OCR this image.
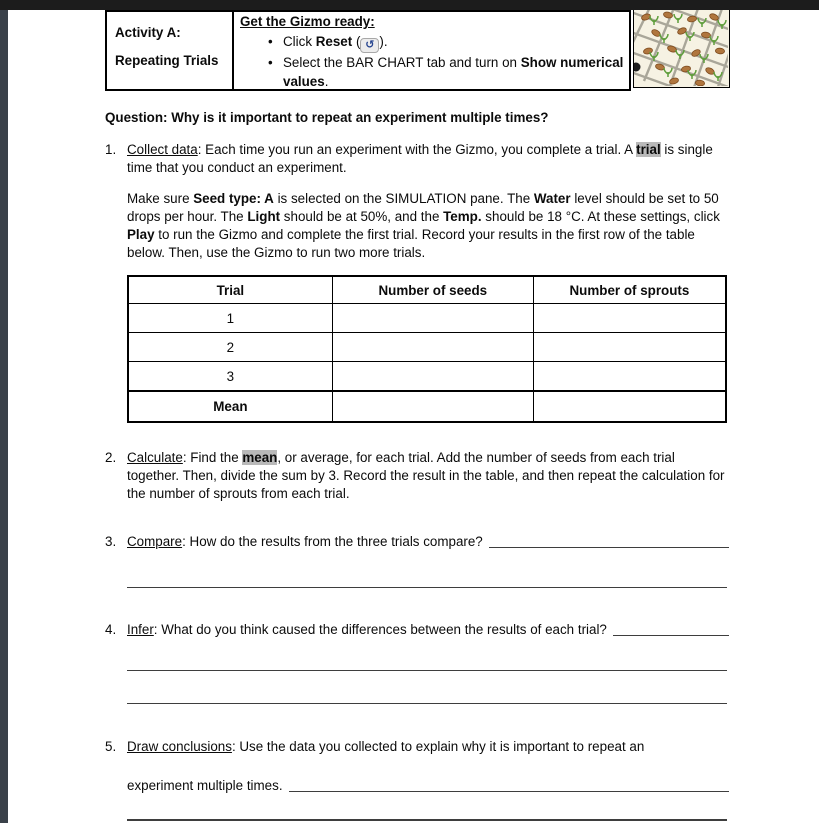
Activity A:
Repeating Trials
Get the Gizmo ready:
• Click Reset ( ↺ ).
• Select the BAR CHART tab and turn on Show numerical values.
Question: Why is it important to repeat an experiment multiple times?
1. Collect data: Each time you run an experiment with the Gizmo, you complete a trial. A trial is single time that you conduct an experiment.
Make sure Seed type: A is selected on the SIMULATION pane. The Water level should be set to 50 drops per hour. The Light should be at 50%, and the Temp. should be 18 °C. At these settings, click Play to run the Gizmo and complete the first trial. Record your results in the first row of the table below. Then, use the Gizmo to run two more trials.
Trial	Number of seeds	Number of sprouts
1		
2		
3		
Mean		
2. Calculate: Find the mean, or average, for each trial. Add the number of seeds from each trial together. Then, divide the sum by 3. Record the result in the table, and then repeat the calculation for the number of sprouts from each trial.
3. Compare: How do the results from the three trials compare?
4. Infer: What do you think caused the differences between the results of each trial?
5. Draw conclusions: Use the data you collected to explain why it is important to repeat an
experiment multiple times.
